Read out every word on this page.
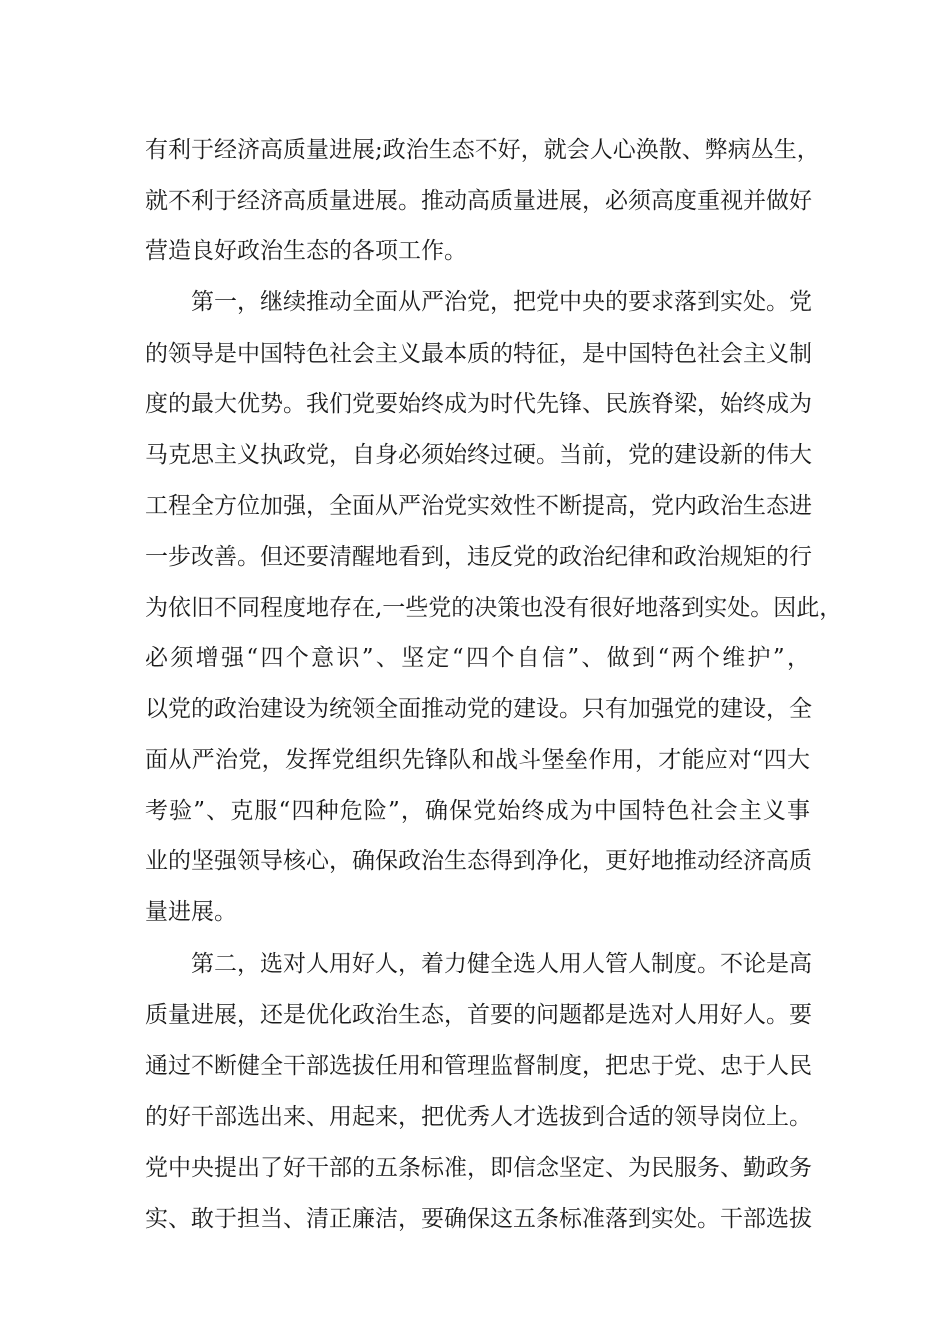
有利于经济高质量进展;政治生态不好，就会人心涣散、弊病丛生，
就不利于经济高质量进展。推动高质量进展，必须高度重视并做好
营造良好政治生态的各项工作。
第一，继续推动全面从严治党，把党中央的要求落到实处。党
的领导是中国特色社会主义最本质的特征，是中国特色社会主义制
度的最大优势。我们党要始终成为时代先锋、民族脊梁，始终成为
马克思主义执政党，自身必须始终过硬。当前，党的建设新的伟大
工程全方位加强，全面从严治党实效性不断提高，党内政治生态进
一步改善。但还要清醒地看到，违反党的政治纪律和政治规矩的行
为依旧不同程度地存在,一些党的决策也没有很好地落到实处。因此，
必须增强“四个意识”、坚定“四个自信”、做到“两个维护”，
以党的政治建设为统领全面推动党的建设。只有加强党的建设，全
面从严治党，发挥党组织先锋队和战斗堡垒作用，才能应对“四大
考验”、克服“四种危险”，确保党始终成为中国特色社会主义事
业的坚强领导核心，确保政治生态得到净化，更好地推动经济高质
量进展。
第二，选对人用好人，着力健全选人用人管人制度。不论是高
质量进展，还是优化政治生态，首要的问题都是选对人用好人。要
通过不断健全干部选拔任用和管理监督制度，把忠于党、忠于人民
的好干部选出来、用起来，把优秀人才选拔到合适的领导岗位上。
党中央提出了好干部的五条标准，即信念坚定、为民服务、勤政务
实、敢于担当、清正廉洁，要确保这五条标准落到实处。干部选拔
